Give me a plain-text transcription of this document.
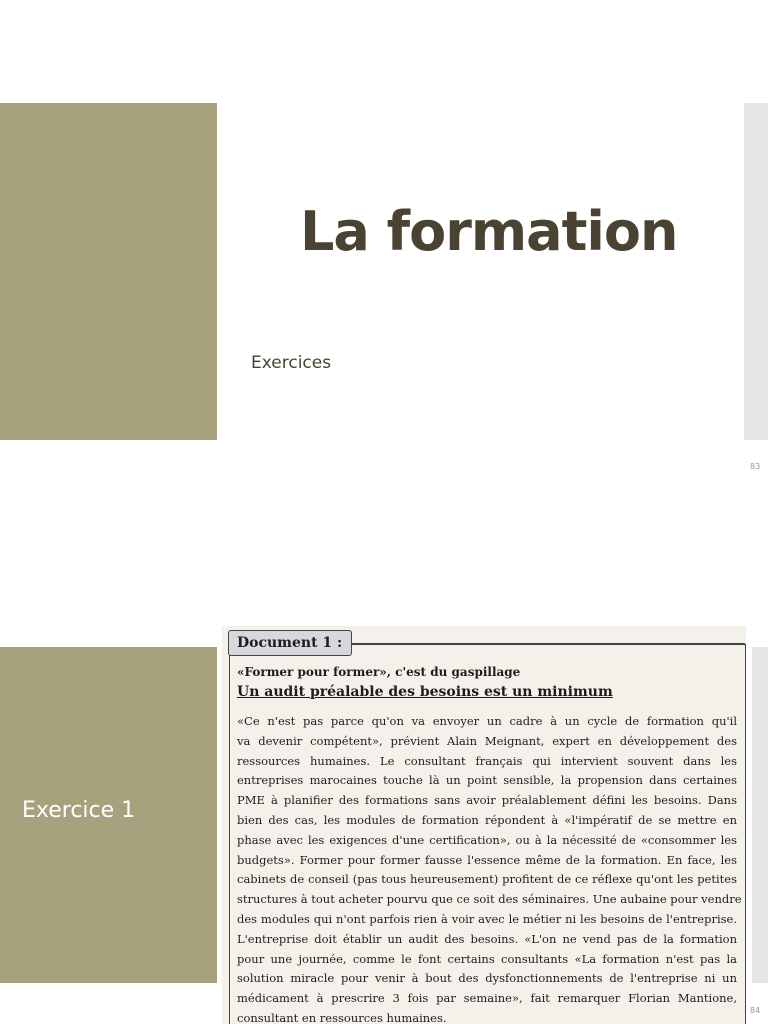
La formation
Exercices
83
Exercice 1
Document 1 :
«Former pour former», c'est du gaspillage
Un audit préalable des besoins est un minimum
«Ce n'est pas parce qu'on va envoyer un cadre à un cycle de formation qu'il
va devenir compétent», prévient Alain Meignant, expert en développement des
ressources humaines. Le consultant français qui intervient souvent dans les
entreprises marocaines touche là un point sensible, la propension dans certaines
PME à planifier des formations sans avoir préalablement défini les besoins. Dans
bien des cas, les modules de formation répondent à «l'impératif de se mettre en
phase avec les exigences d'une certification», ou à la nécessité de «consommer les
budgets». Former pour former fausse l'essence même de la formation. En face, les
cabinets de conseil (pas tous heureusement) profitent de ce réflexe qu'ont les petites
structures à tout acheter pourvu que ce soit des séminaires. Une aubaine pour vendre
des modules qui n'ont parfois rien à voir avec le métier ni les besoins de l'entreprise.
L'entreprise doit établir un audit des besoins. «L'on ne vend pas de la formation
pour une journée, comme le font certains consultants «La formation n'est pas la
solution miracle pour venir à bout des dysfonctionnements de l'entreprise ni un
médicament à prescrire 3 fois par semaine», fait remarquer Florian Mantione,
consultant en ressources humaines.
84
